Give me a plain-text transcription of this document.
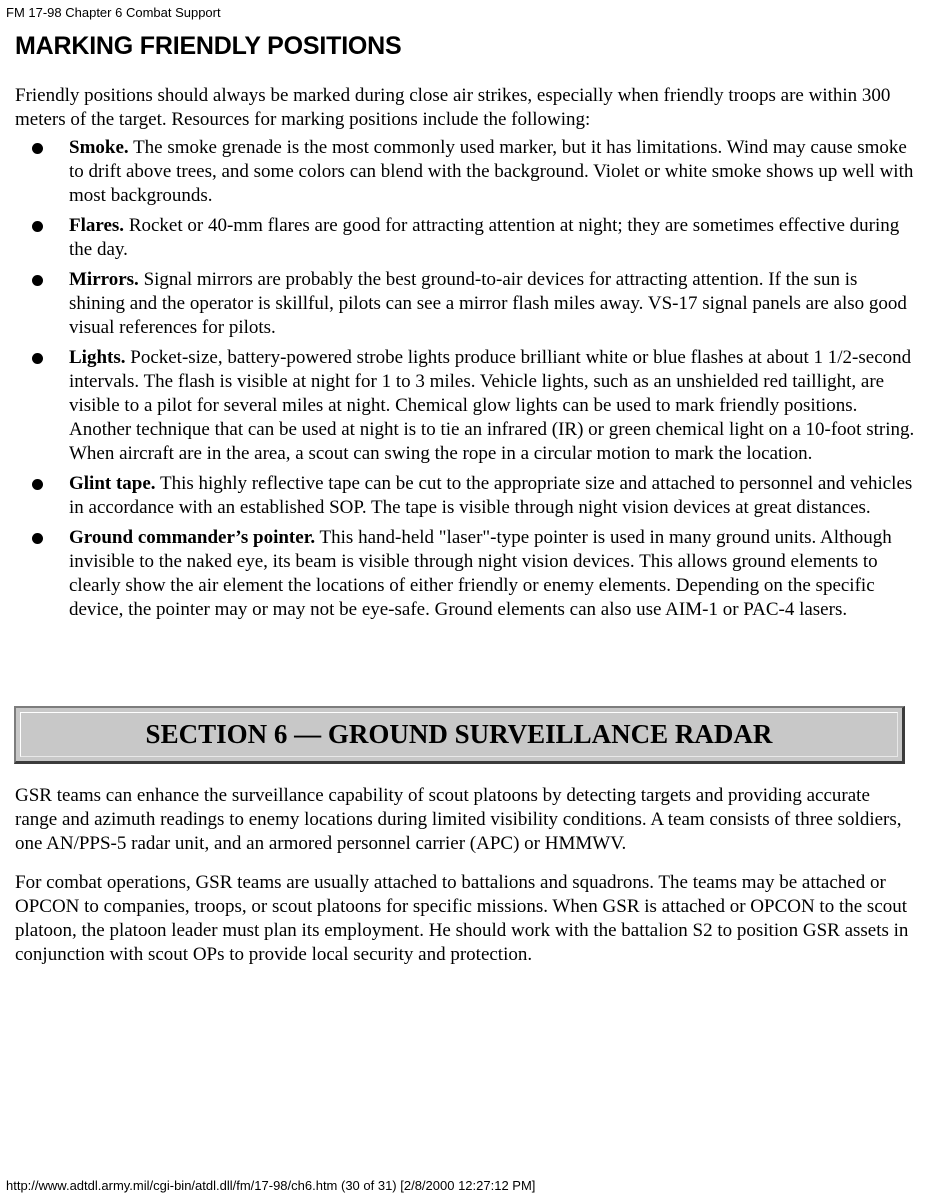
FM 17-98 Chapter 6 Combat Support
MARKING FRIENDLY POSITIONS

Friendly positions should always be marked during close air strikes, especially when friendly troops are within 300 meters of the target. Resources for marking positions include the following:

Smoke. The smoke grenade is the most commonly used marker, but it has limitations. Wind may cause smoke to drift above trees, and some colors can blend with the background. Violet or white smoke shows up well with most backgrounds.
Flares. Rocket or 40-mm flares are good for attracting attention at night; they are sometimes effective during the day.
Mirrors. Signal mirrors are probably the best ground-to-air devices for attracting attention. If the sun is shining and the operator is skillful, pilots can see a mirror flash miles away. VS-17 signal panels are also good visual references for pilots.
Lights. Pocket-size, battery-powered strobe lights produce brilliant white or blue flashes at about 1 1/2-second intervals. The flash is visible at night for 1 to 3 miles. Vehicle lights, such as an unshielded red taillight, are visible to a pilot for several miles at night. Chemical glow lights can be used to mark friendly positions. Another technique that can be used at night is to tie an infrared (IR) or green chemical light on a 10-foot string. When aircraft are in the area, a scout can swing the rope in a circular motion to mark the location.
Glint tape. This highly reflective tape can be cut to the appropriate size and attached to personnel and vehicles in accordance with an established SOP. The tape is visible through night vision devices at great distances.
Ground commander’s pointer. This hand-held "laser"-type pointer is used in many ground units. Although invisible to the naked eye, its beam is visible through night vision devices. This allows ground elements to clearly show the air element the locations of either friendly or enemy elements. Depending on the specific device, the pointer may or may not be eye-safe. Ground elements can also use AIM-1 or PAC-4 lasers.
SECTION 6 — GROUND SURVEILLANCE RADAR

GSR teams can enhance the surveillance capability of scout platoons by detecting targets and providing accurate range and azimuth readings to enemy locations during limited visibility conditions. A team consists of three soldiers, one AN/PPS-5 radar unit, and an armored personnel carrier (APC) or HMMWV.

For combat operations, GSR teams are usually attached to battalions and squadrons. The teams may be attached or OPCON to companies, troops, or scout platoons for specific missions. When GSR is attached or OPCON to the scout platoon, the platoon leader must plan its employment. He should work with the battalion S2 to position GSR assets in conjunction with scout OPs to provide local security and protection.

http://www.adtdl.army.mil/cgi-bin/atdl.dll/fm/17-98/ch6.htm (30 of 31) [2/8/2000 12:27:12 PM]
